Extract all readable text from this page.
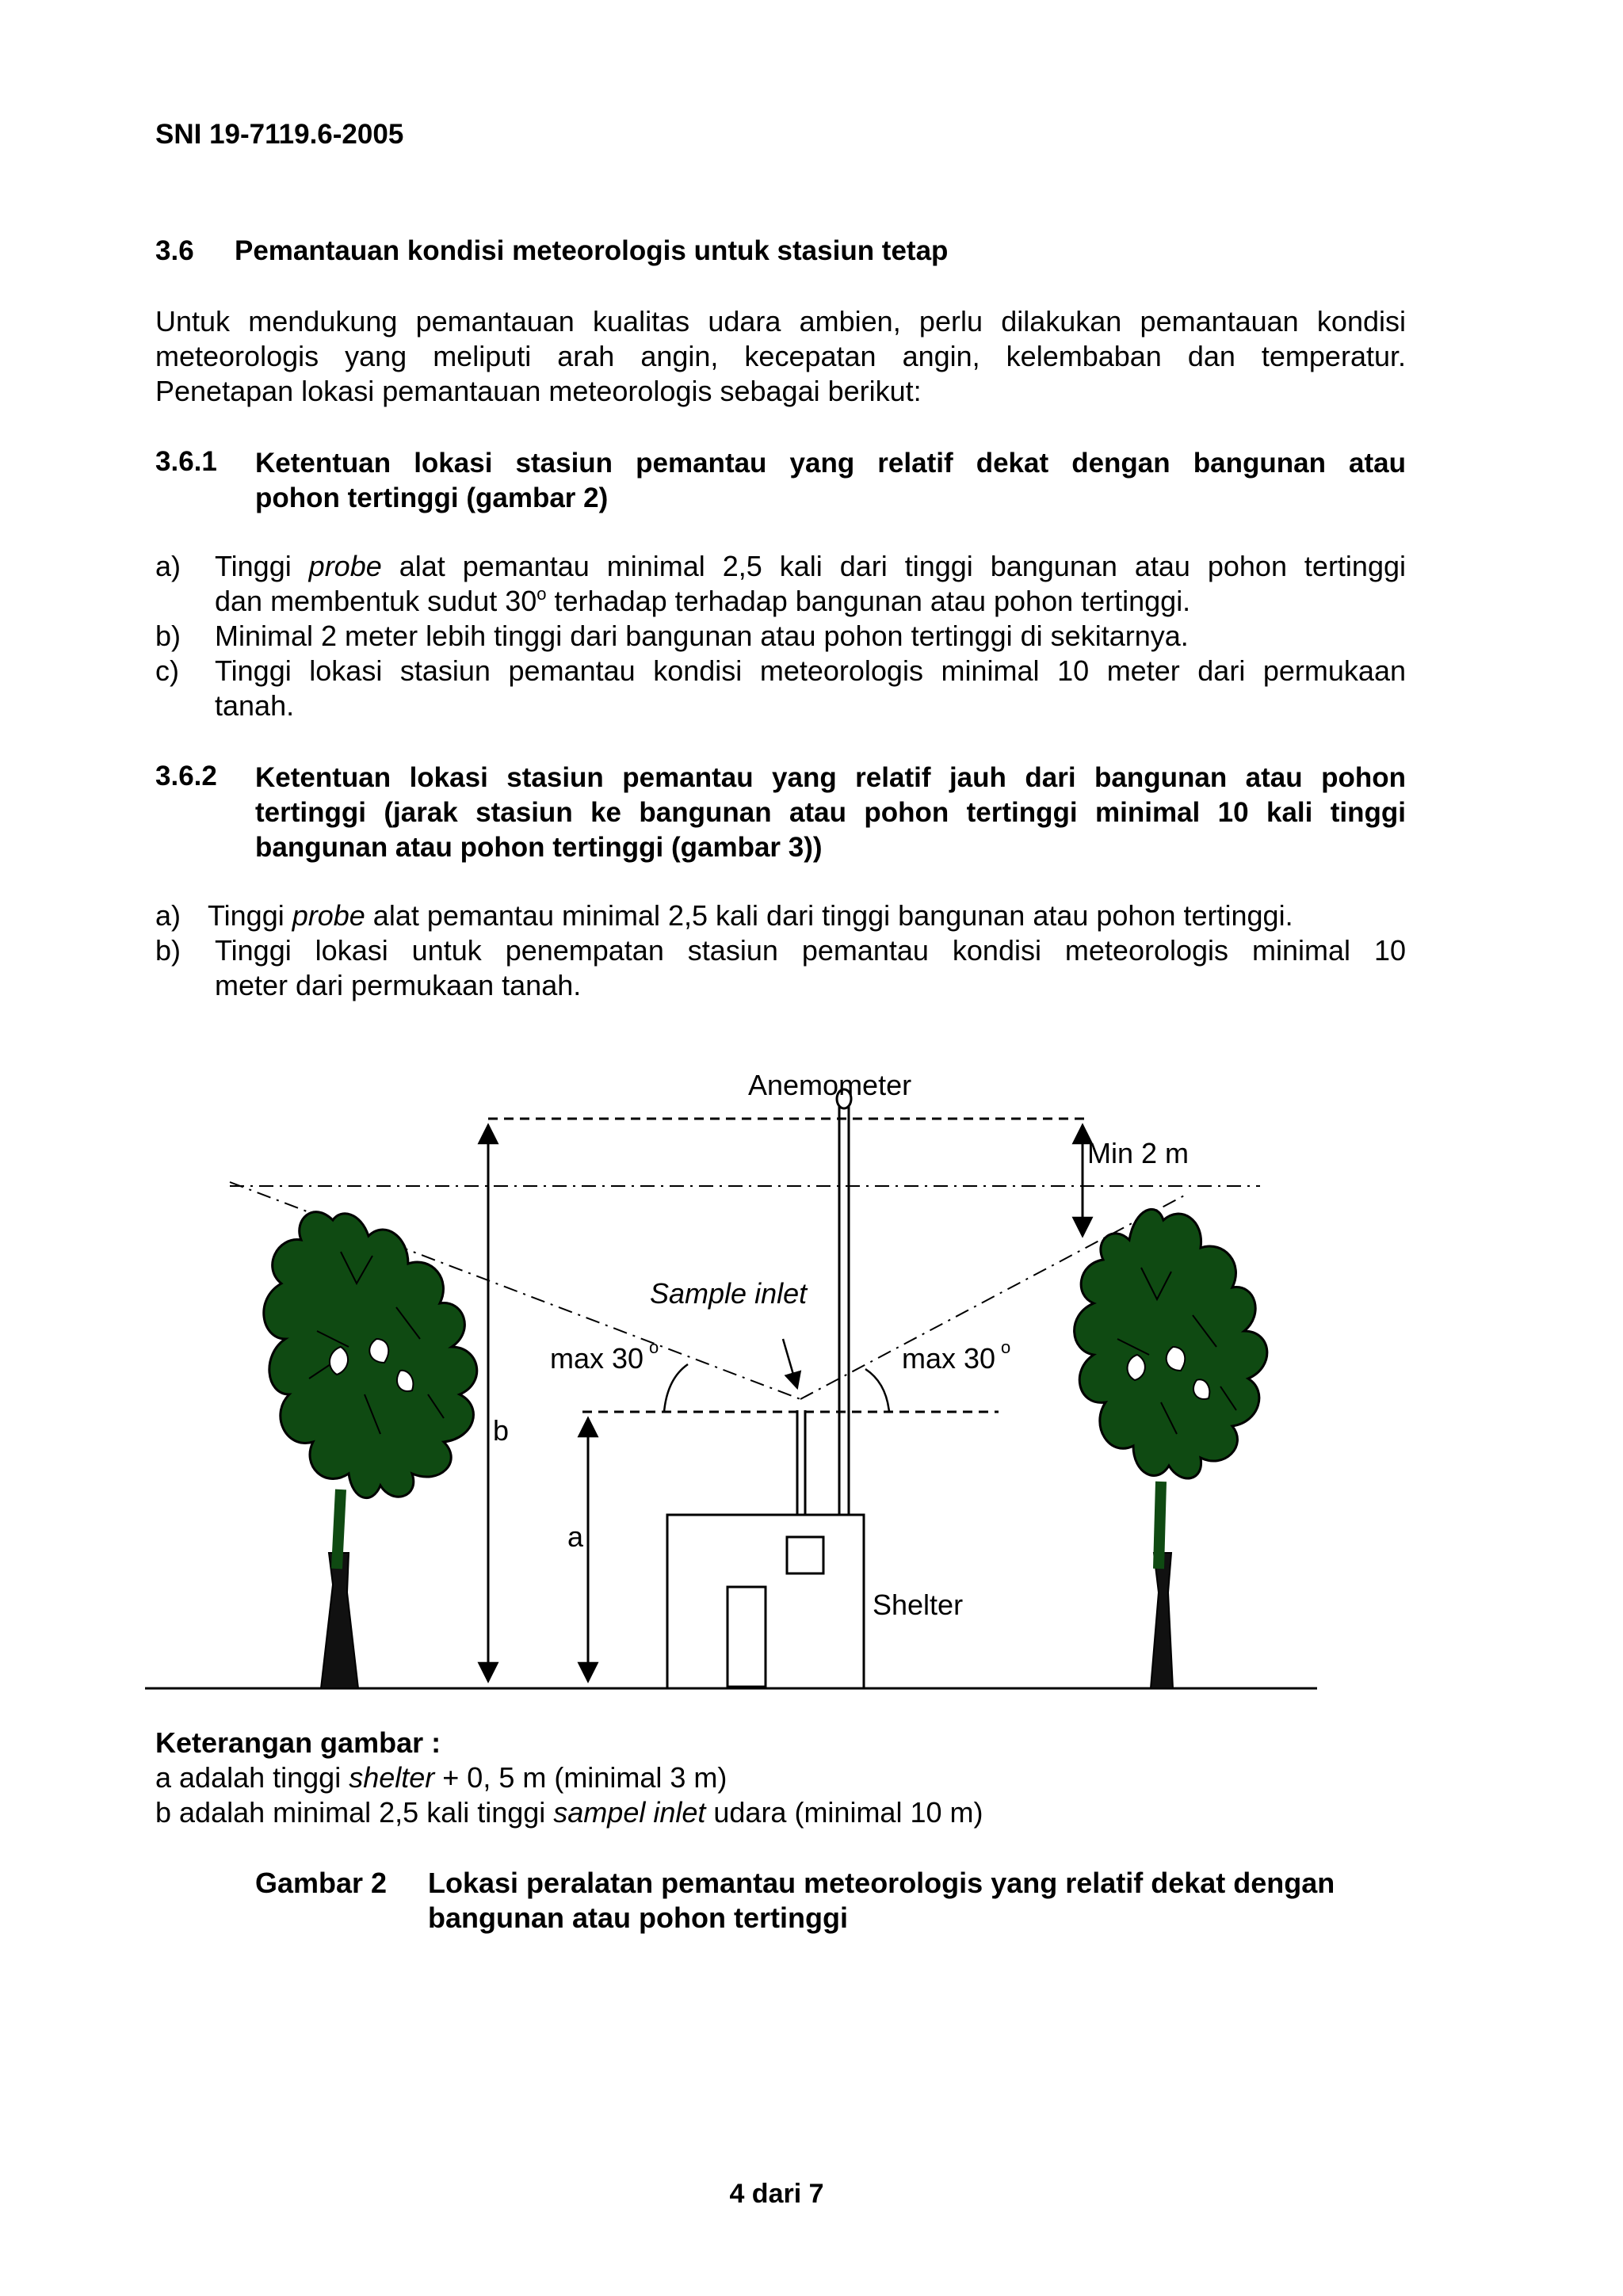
SNI 19-7119.6-2005
3.6 Pemantauan kondisi meteorologis untuk stasiun tetap
Untuk mendukung pemantauan kualitas udara ambien, perlu dilakukan pemantauan kondisi
meteorologis yang meliputi arah angin, kecepatan angin, kelembaban dan temperatur.
Penetapan lokasi pemantauan meteorologis sebagai berikut:
3.6.1 Ketentuan lokasi stasiun pemantau yang relatif dekat dengan bangunan atau
pohon tertinggi (gambar 2)
a) Tinggi probe alat pemantau minimal 2,5 kali dari tinggi bangunan atau pohon tertinggi
dan membentuk sudut 30$^o$ terhadap terhadap bangunan atau pohon tertinggi.
b) Minimal 2 meter lebih tinggi dari bangunan atau pohon tertinggi di sekitarnya.
c) Tinggi lokasi stasiun pemantau kondisi meteorologis minimal 10 meter dari permukaan
tanah.
3.6.2 Ketentuan lokasi stasiun pemantau yang relatif jauh dari bangunan atau pohon
tertinggi (jarak stasiun ke bangunan atau pohon tertinggi minimal 10 kali tinggi
bangunan atau pohon tertinggi (gambar 3))
a) Tinggi probe alat pemantau minimal 2,5 kali dari tinggi bangunan atau pohon tertinggi.
b) Tinggi lokasi untuk penempatan stasiun pemantau kondisi meteorologis minimal 10
meter dari permukaan tanah.
Anemometer
Min 2 m
Sample inlet
max 30 o	max 30 o
b
a
Shelter
Keterangan gambar :
a adalah tinggi shelter + 0, 5 m (minimal 3 m)
b adalah minimal 2,5 kali tinggi sampel inlet udara (minimal 10 m)
Gambar 2 Lokasi peralatan pemantau meteorologis yang relatif dekat dengan
bangunan atau pohon tertinggi
4 dari 7
